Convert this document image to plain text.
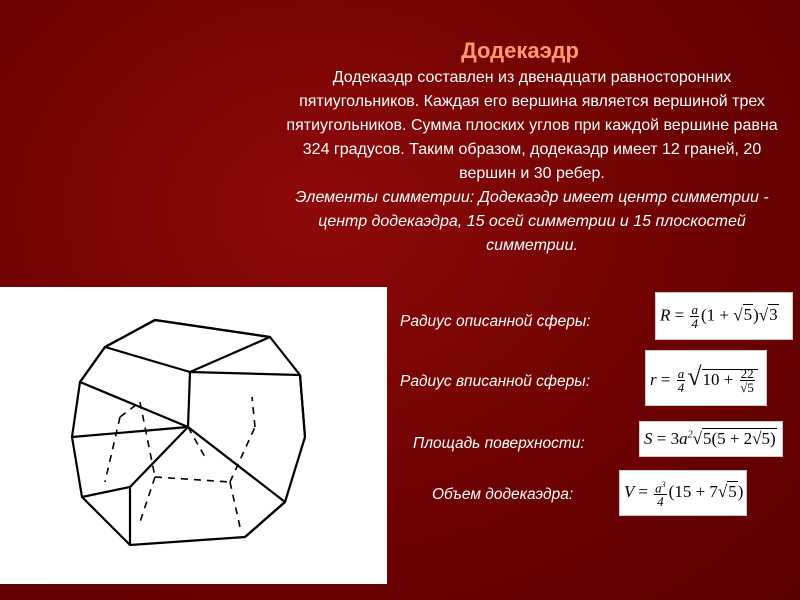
Додекаэдр

Додекаэдр составлен из двенадцати равносторонних пятиугольников. Каждая его вершина является вершиной трех пятиугольников. Сумма плоских углов при каждой вершине равна 324 градусов. Таким образом, додекаэдр имеет 12 граней, 20 вершин и 30 ребер.

Элементы симметрии: Додекаэдр имеет центр симметрии - центр додекаэдра, 15 осей симметрии и 15 плоскостей симметрии.

Радиус описанной сферы:	$R = \frac{a}{4} (1 + √5)√3$
Радиус вписанной сферы:	$r = \frac{a}{4} √10 + \frac{22}{√5}$
Площадь поверхности:	$S = 3a^2√5(5 + 2√5)$
Объем додекаэдра:	$V = \frac{a^3}{4} (15 + 7√5)$
